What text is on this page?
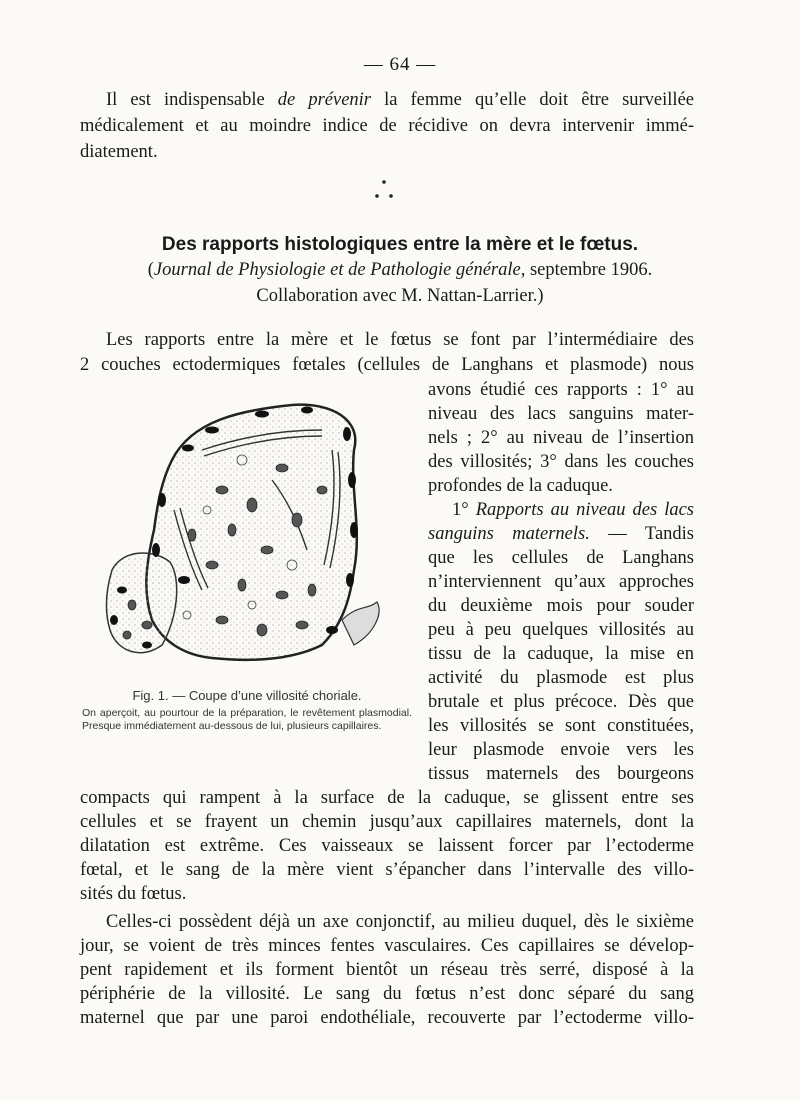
— 64 —
Il est indispensable de prévenir la femme qu’elle doit être surveillée
médicalement et au moindre indice de récidive on devra intervenir immé-
diatement.
Des rapports histologiques entre la mère et le fœtus.
(Journal de Physiologie et de Pathologie générale, septembre 1906.
Collaboration avec M. Nattan-Larrier.)
Les rapports entre la mère et le fœtus se font par l’intermédiaire des
2 couches ectodermiques fœtales (cellules de Langhans et plasmode) nous
avons étudié ces rapports : 1° au
niveau des lacs sanguins mater-
nels ; 2° au niveau de l’insertion
des villosités; 3° dans les couches
profondes de la caduque.
1° Rapports au niveau des lacs
sanguins maternels. — Tandis
que les cellules de Langhans
n’interviennent qu’aux approches
du deuxième mois pour souder
peu à peu quelques villosités au
tissu de la caduque, la mise en
activité du plasmode est plus
brutale et plus précoce. Dès que
les villosités se sont constituées,
leur plasmode envoie vers les
tissus maternels des bourgeons
compacts qui rampent à la surface de la caduque, se glissent entre ses
cellules et se frayent un chemin jusqu’aux capillaires maternels, dont la
dilatation est extrême. Ces vaisseaux se laissent forcer par l’ectoderme
fœtal, et le sang de la mère vient s’épancher dans l’intervalle des villo-
sités du fœtus.
Celles-ci possèdent déjà un axe conjonctif, au milieu duquel, dès le sixième
jour, se voient de très minces fentes vasculaires. Ces capillaires se dévelop-
pent rapidement et ils forment bientôt un réseau très serré, disposé à la
périphérie de la villosité. Le sang du fœtus n’est donc séparé du sang
maternel que par une paroi endothéliale, recouverte par l’ectoderme villo-
Fig. 1. — Coupe d’une villosité choriale.
On aperçoit, au pourtour de la préparation, le revêtement plasmodial. Presque immédiatement au-dessous de lui, plusieurs capillaires.
